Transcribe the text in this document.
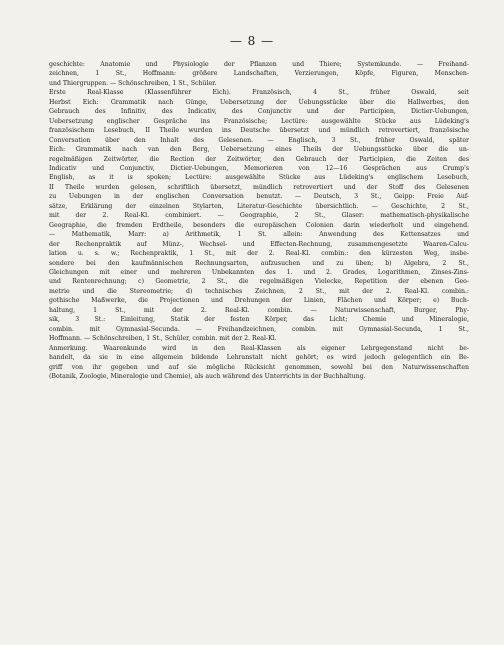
— 8 —

geschichte: Anatomie und Physiologie der Pflanzen und Thiere; Systemkunde. — Freihand-
zeichnen, 1 St., Hoffmann: größere Landschaften, Verzierungen, Köpfe, Figuren, Menschen-
und Thiergruppen. — Schönschreiben, 1 St., Schüler.
Erste Real-Klasse (Klassenführer Eich). Französisch, 4 St., früher Oswald, seit
Herbst Eich: Grammatik nach Günge, Uebersetzung der Uebungsstücke über die Hallwerbes, den
Gebrauch des Infinitiv, des Indicativ, des Conjunctiv und der Participien, Dictier-Uebungen,
Uebersetzung englischer Gespräche ins Französische; Lectüre: ausgewählte Stücke aus Lüdeking's
französischem Lesebuch, II Theile wurden ins Deutsche übersetzt und mündlich retrovertiert, französische
Conversation über den Inhalt des Gelesenen. — Englisch, 3 St., früher Oswald, später
Eich: Grammatik nach van den Berg, Uebersetzung eines Theils der Uebungsstücke über die un-
regelmäßigen Zeitwörter, die Rection der Zeitwörter, den Gebrauch der Participien, die Zeiten des
Indicativ und Conjunctiv, Dictier-Uebungen, Memorieren von 12—16 Gesprächen aus Crump's
English, as it is spoken; Lectüre: ausgewählte Stücke aus Lüdeking's englischem Lesebuch,
II Theile wurden gelesen, schriftlich übersetzt, mündlich retrovertiert und der Stoff des Gelesenen
zu Uebungen in der englischen Conversation benutzt. — Deutsch, 3 St., Geipp: Freie Auf-
sätze, Erklärung der einzelnen Stylarten, Literatur-Geschichte übersichtlich. — Geschichte, 2 St.,
mit der 2. Real-Kl. combiniert. — Geographie, 2 St., Glaser: mathematisch-physikalische
Geographie, die fremden Erdtheile, besonders die europäischen Colonien darin wiederholt und eingehend.
— Mathematik, Marr: a) Arithmetik, 1 St. allein: Anwendung des Kettensatzes und
der Rechenpraktik auf Münz-, Wechsel- und Effecten-Rechnung, zusammengesetzte Waaren-Calcu-
lation u. s. w.; Rechenpraktik, 1 St., mit der 2. Real-Kl. combin.: den kürzesten Weg, insbe-
sondere bei den kaufmännischen Rechnungsarten, aufzusuchen und zu üben; b) Algebra, 2 St.,
Gleichungen mit einer und mehreren Unbekannten des 1. und 2. Grades, Logarithmen, Zinses-Zins-
und Rentenrechnung; c) Geometrie, 2 St., die regelmäßigen Vielecke, Repetition der ebenen Geo-
metrie und die Stereometrie; d) technisches Zeichnen, 2 St., mit der 2. Real-Kl. combin.:
gothische Maßwerke, die Projectionen und Drehungen der Linien, Flächen und Körper; e) Buch-
haltung, 1 St., mit der 2. Real-Kl. combin. — Naturwissenschaft, Burger, Phy-
sik, 3 St.: Einleitung, Statik der festen Körper, das Licht; Chemie und Mineralogie,
combin. mit Gymnasial-Secunda. — Freihandzeichnen, combin. mit Gymnasial-Secunda, 1 St.,
Hoffmann. — Schönschreiben, 1 St., Schüler, combin. mit der 2. Real-Kl.

Anmerkung. Waarenkunde wird in den Real-Klassen als eigener Lehrgegenstand nicht be-
handelt, da sie in eine allgemein bildende Lehranstalt nicht gehört; es wird jedoch gelegentlich ein Be-
griff von ihr gegeben und auf sie mögliche Rücksicht genommen, sowohl bei den Naturwissenschaften
(Botanik, Zoologie, Mineralogie und Chemie), als auch während des Unterrichts in der Buchhaltung.
